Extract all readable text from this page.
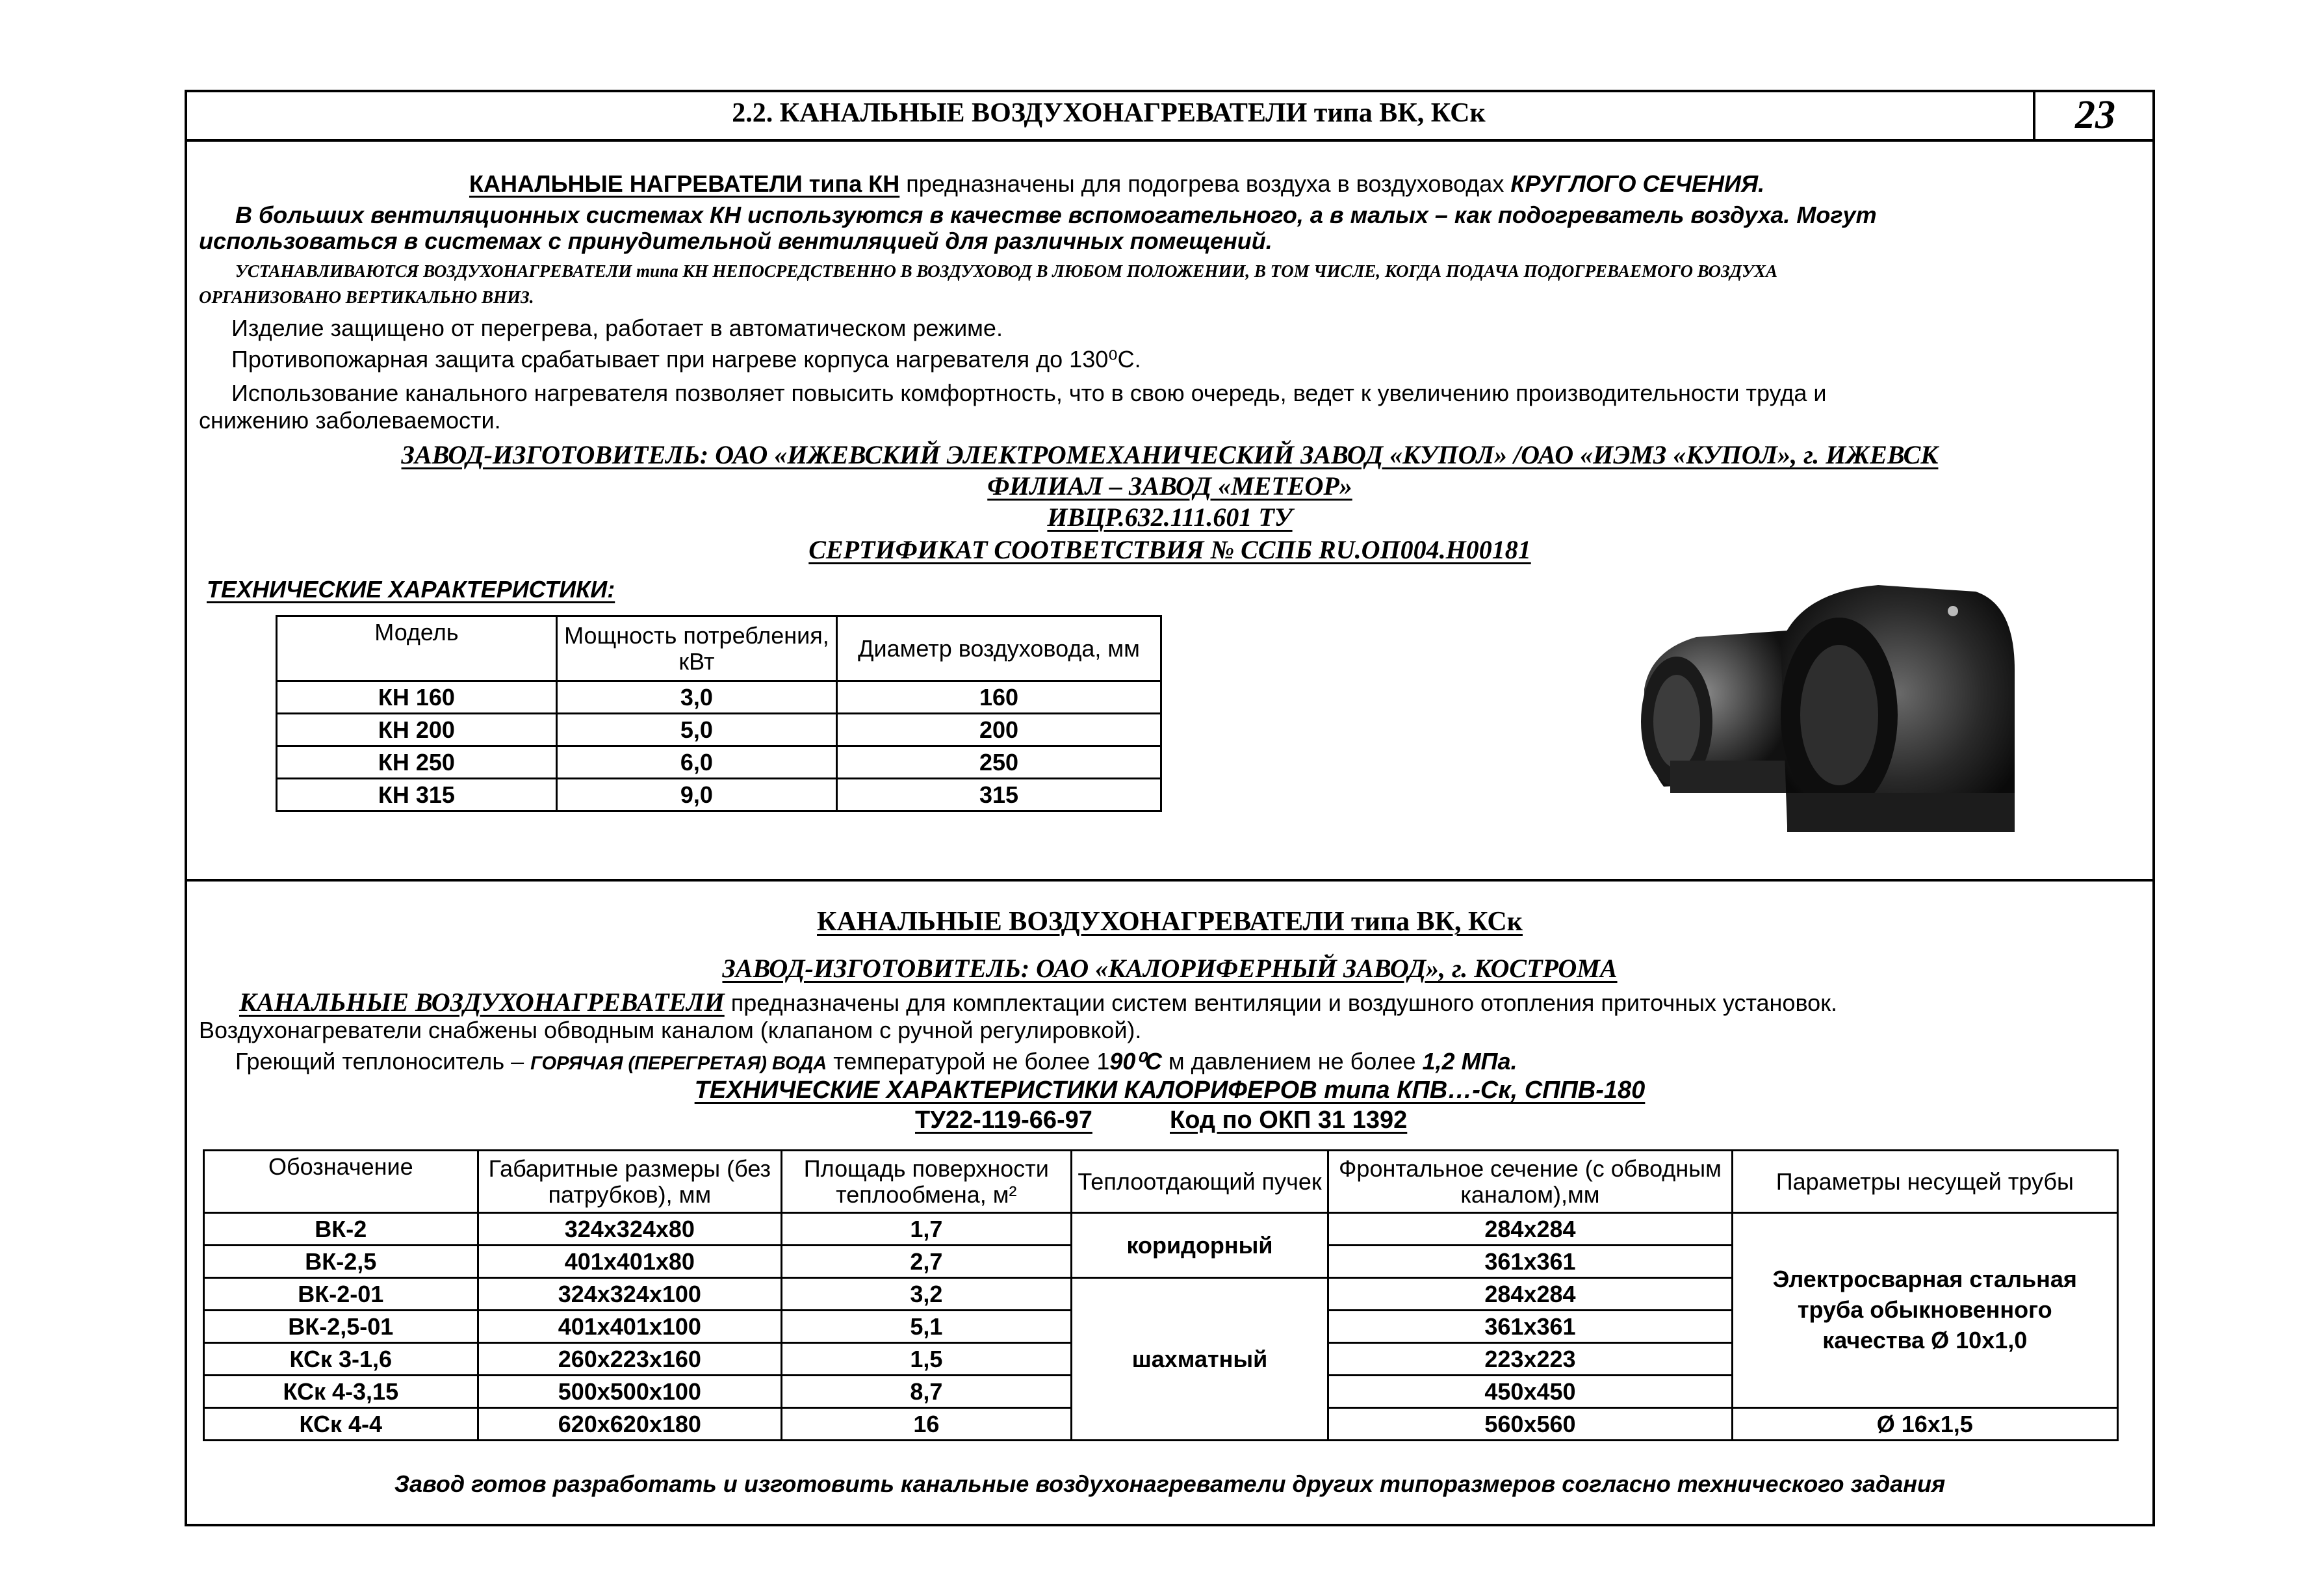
2.2. КАНАЛЬНЫЕ ВОЗДУХОНАГРЕВАТЕЛИ типа ВК, КСк	23
КАНАЛЬНЫЕ НАГРЕВАТЕЛИ типа КН предназначены для подогрева воздуха в воздуховодах КРУГЛОГО СЕЧЕНИЯ.
В больших вентиляционных системах КН используются в качестве вспомогательного, а в малых – как подогреватель воздуха. Могут
использоваться в системах с принудительной вентиляцией для различных помещений.
УСТАНАВЛИВАЮТСЯ ВОЗДУХОНАГРЕВАТЕЛИ типа КН НЕПОСРЕДСТВЕННО В ВОЗДУХОВОД В ЛЮБОМ ПОЛОЖЕНИИ, В ТОМ ЧИСЛЕ, КОГДА ПОДАЧА ПОДОГРЕВАЕМОГО ВОЗДУХА
ОРГАНИЗОВАНО ВЕРТИКАЛЬНО ВНИЗ.
Изделие защищено от перегрева, работает в автоматическом режиме.
Противопожарная защита срабатывает при нагреве корпуса нагревателя до 130⁰С.
Использование канального нагревателя позволяет повысить комфортность, что в свою очередь, ведет к увеличению производительности труда и
снижению заболеваемости.
ЗАВОД-ИЗГОТОВИТЕЛЬ: ОАО «ИЖЕВСКИЙ ЭЛЕКТРОМЕХАНИЧЕСКИЙ ЗАВОД «КУПОЛ» /ОАО «ИЭМЗ «КУПОЛ», г. ИЖЕВСК
ФИЛИАЛ – ЗАВОД «МЕТЕОР»
ИВЦР.632.111.601 ТУ
СЕРТИФИКАТ СООТВЕТСТВИЯ № ССПБ RU.ОП004.Н00181
ТЕХНИЧЕСКИЕ ХАРАКТЕРИСТИКИ:
Модель	Мощность потребления, кВт	Диаметр воздуховода, мм
КН 160	3,0	160
КН 200	5,0	200
КН 250	6,0	250
КН 315	9,0	315
КАНАЛЬНЫЕ ВОЗДУХОНАГРЕВАТЕЛИ типа ВК, КСк
ЗАВОД-ИЗГОТОВИТЕЛЬ: ОАО «КАЛОРИФЕРНЫЙ ЗАВОД», г. КОСТРОМА
КАНАЛЬНЫЕ ВОЗДУХОНАГРЕВАТЕЛИ предназначены для комплектации систем вентиляции и воздушного отопления приточных установок.
Воздухонагреватели снабжены обводным каналом (клапаном с ручной регулировкой).
Греющий теплоноситель – ГОРЯЧАЯ (ПЕРЕГРЕТАЯ) ВОДА температурой не более 190⁰С м давлением не более 1,2 МПа.
ТЕХНИЧЕСКИЕ ХАРАКТЕРИСТИКИ КАЛОРИФЕРОВ типа КПВ…-Ск, СППВ-180
ТУ22-119-66-97	Код по ОКП 31 1392
Обозначение	Габаритные размеры (без патрубков), мм	Площадь поверхности теплообмена, м²	Теплоотдающий пучек	Фронтальное сечение (с обводным каналом),мм	Параметры несущей трубы
ВК-2	324x324x80	1,7	коридорный	284x284	Электросварная стальная труба обыкновенного качества Ø 10x1,0
ВК-2,5	401x401x80	2,7		361x361	
ВК-2-01	324x324x100	3,2	шахматный	284x284	
ВК-2,5-01	401x401x100	5,1		361x361	
КСк 3-1,6	260x223x160	1,5		223x223	
КСк 4-3,15	500x500x100	8,7		450x450	
КСк 4-4	620x620x180	16		560x560	Ø 16x1,5
Завод готов разработать и изготовить канальные воздухонагреватели других типоразмеров согласно технического задания
